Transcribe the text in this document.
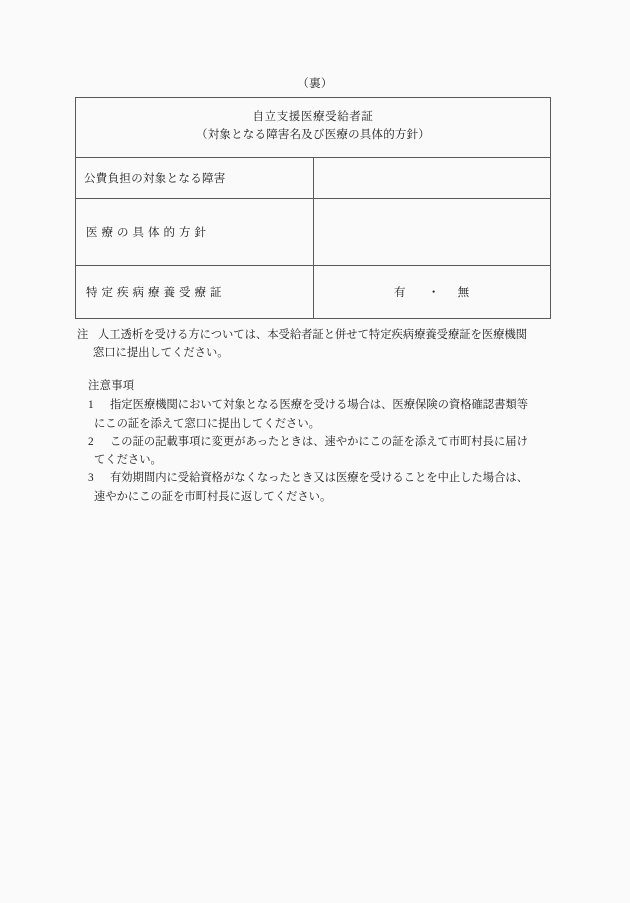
（裏）
自立支援医療受給者証
（対象となる障害名及び医療の具体的方針）	

公費負担の対象となる障害	

医療の具体的方針	

特定疾病療養受療証	有 ・ 無
注 人工透析を受ける方については、本受給者証と併せて特定疾病療養受療証を医療機関
窓口に提出してください。
注意事項
1	指定医療機関において対象となる医療を受ける場合は、医療保険の資格確認書類等
にこの証を添えて窓口に提出してください。
2	この証の記載事項に変更があったときは、速やかにこの証を添えて市町村長に届け
てください。
3	有効期間内に受給資格がなくなったとき又は医療を受けることを中止した場合は、
速やかにこの証を市町村長に返してください。
